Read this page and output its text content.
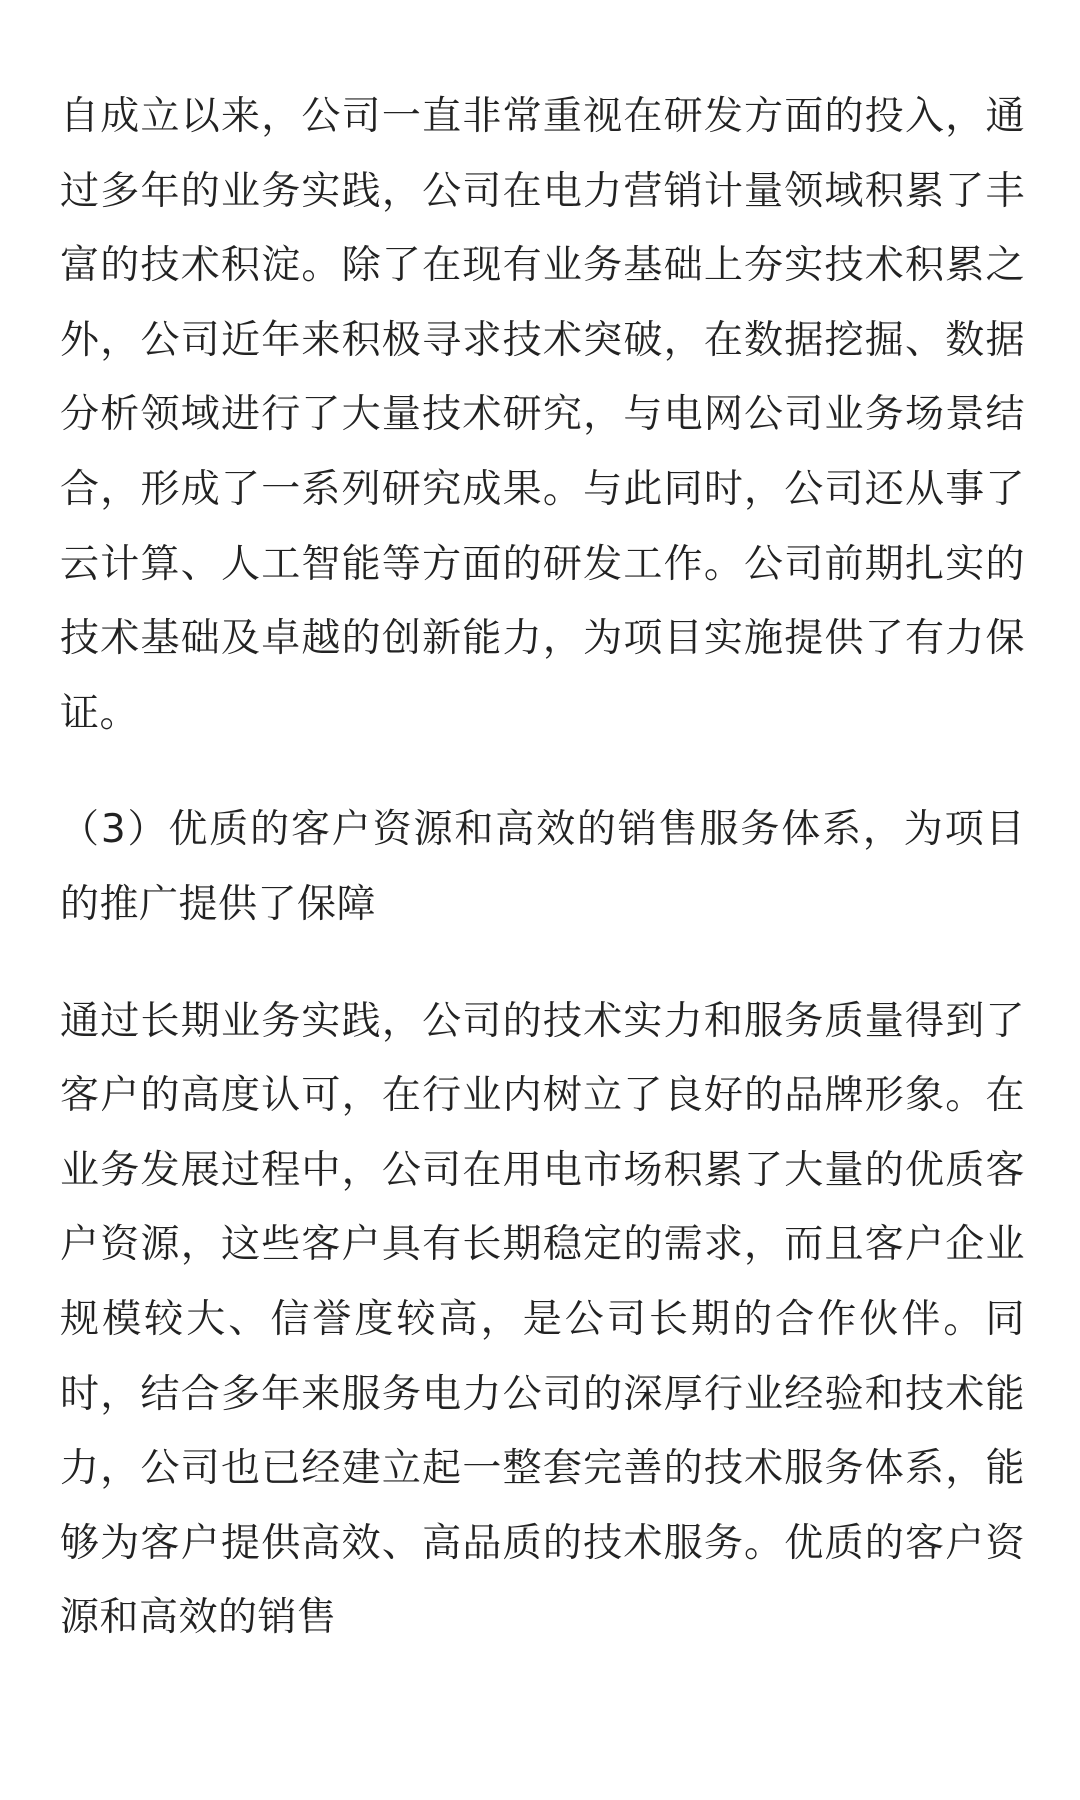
自成立以来，公司一直非常重视在研发方面的投入，通过多年的业务实践，公司在电力营销计量领域积累了丰富的技术积淀。除了在现有业务基础上夯实技术积累之外，公司近年来积极寻求技术突破，在数据挖掘、数据分析领域进行了大量技术研究，与电网公司业务场景结合，形成了一系列研究成果。与此同时，公司还从事了云计算、人工智能等方面的研发工作。公司前期扎实的技术基础及卓越的创新能力，为项目实施提供了有力保证。

（3）优质的客户资源和高效的销售服务体系，为项目的推广提供了保障

通过长期业务实践，公司的技术实力和服务质量得到了客户的高度认可，在行业内树立了良好的品牌形象。在业务发展过程中，公司在用电市场积累了大量的优质客户资源，这些客户具有长期稳定的需求，而且客户企业规模较大、信誉度较高，是公司长期的合作伙伴。同时，结合多年来服务电力公司的深厚行业经验和技术能力，公司也已经建立起一整套完善的技术服务体系，能够为客户提供高效、高品质的技术服务。优质的客户资源和高效的销售
